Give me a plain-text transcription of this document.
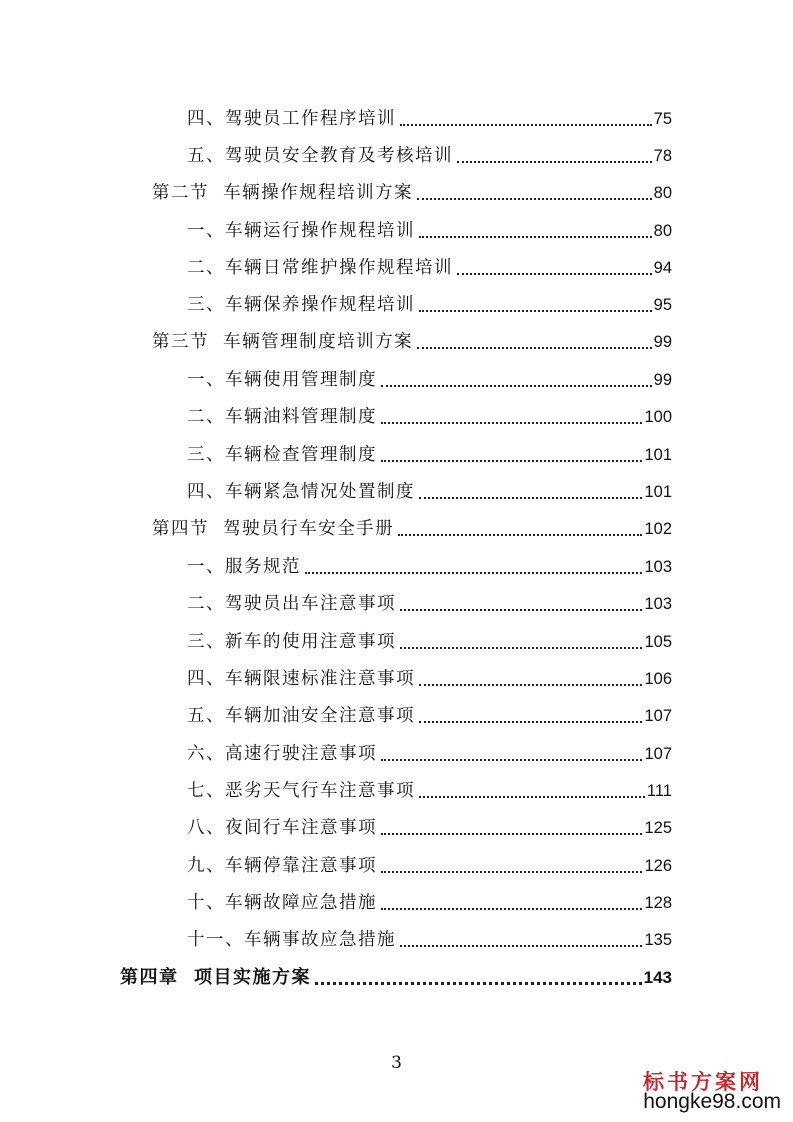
四、驾驶员工作程序培训	75
五、驾驶员安全教育及考核培训	78
第二节  车辆操作规程培训方案	80
一、车辆运行操作规程培训	80
二、车辆日常维护操作规程培训	94
三、车辆保养操作规程培训	95
第三节  车辆管理制度培训方案	99
一、车辆使用管理制度	99
二、车辆油料管理制度	100
三、车辆检查管理制度	101
四、车辆紧急情况处置制度	101
第四节  驾驶员行车安全手册	102
一、服务规范	103
二、驾驶员出车注意事项	103
三、新车的使用注意事项	105
四、车辆限速标准注意事项	106
五、车辆加油安全注意事项	107
六、高速行驶注意事项	107
七、恶劣天气行车注意事项	111
八、夜间行车注意事项	125
九、车辆停靠注意事项	126
十、车辆故障应急措施	128
十一、车辆事故应急措施	135
第四章  项目实施方案	143
3
标书方案网
hongke98.com
